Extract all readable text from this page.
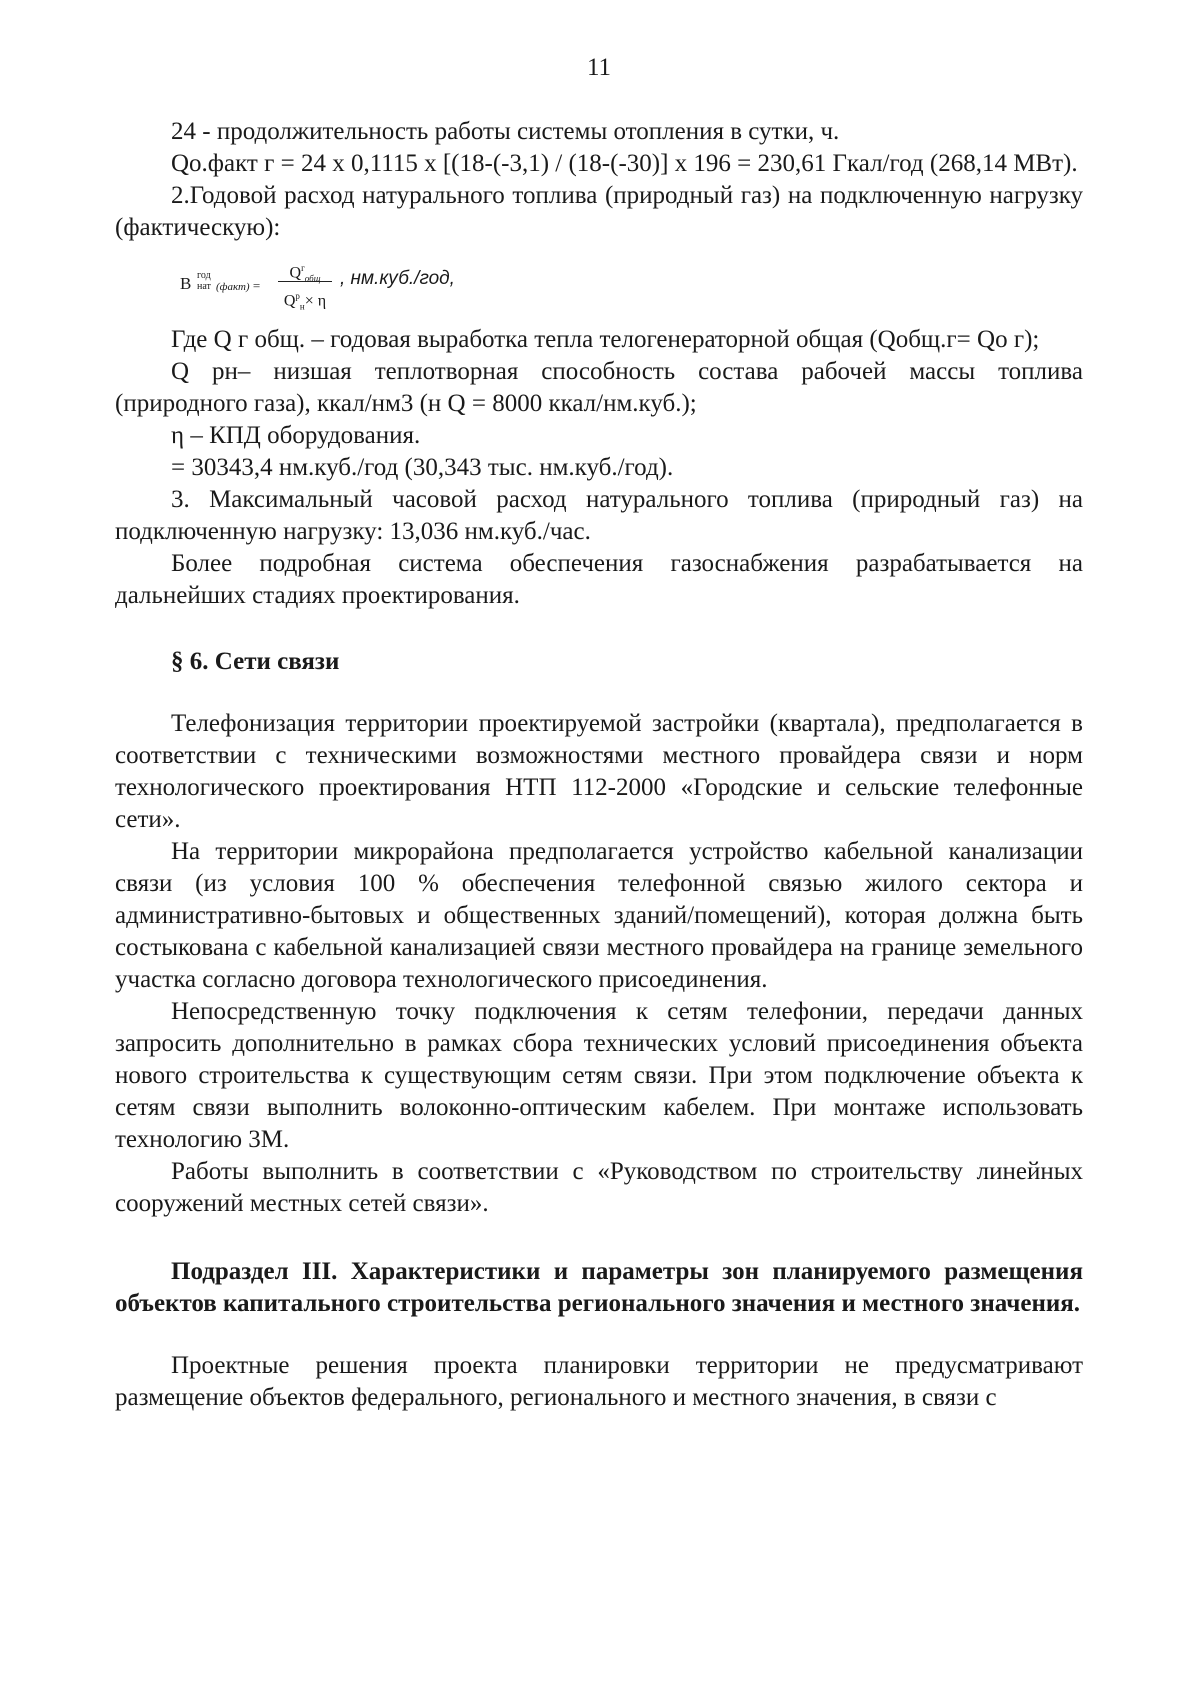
11

24 - продолжительность работы системы отопления в сутки, ч.

Qo.факт г = 24 х 0,1115 х [(18-(-3,1) / (18-(-30)] х 196 = 230,61 Гкал/год (268,14 МВт).

2.Годовой расход натурального топлива (природный газ) на подключенную нагрузку (фактическую):

B год
нат (факт) =
$Q^г_{общ}$
$Q^р_н\times \eta$
, нм.куб./год,

Где Q г общ. – годовая выработка тепла телогенераторной общая (Qобщ.г= Qо г);

Q рн– низшая теплотворная способность состава рабочей массы топлива (природного газа), ккал/нм3 (н Q = 8000 ккал/нм.куб.);

η – КПД оборудования.

= 30343,4 нм.куб./год (30,343 тыс. нм.куб./год).

3. Максимальный часовой расход натурального топлива (природный газ) на подключенную нагрузку: 13,036 нм.куб./час.

Более подробная система обеспечения газоснабжения разрабатывается на дальнейших стадиях проектирования.

§ 6. Сети связи

Телефонизация территории проектируемой застройки (квартала), предполагается в соответствии с техническими возможностями местного провайдера связи и норм технологического проектирования НТП 112-2000 «Городские и сельские телефонные сети».

На территории микрорайона предполагается устройство кабельной канализации связи (из условия 100 % обеспечения телефонной связью жилого сектора и административно-бытовых и общественных зданий/помещений), которая должна быть состыкована с кабельной канализацией связи местного провайдера на границе земельного участка согласно договора технологического присоединения.

Непосредственную точку подключения к сетям телефонии, передачи данных запросить дополнительно в рамках сбора технических условий присоединения объекта нового строительства к существующим сетям связи. При этом подключение объекта к сетям связи выполнить волоконно-оптическим кабелем. При монтаже использовать технологию 3М.

Работы выполнить в соответствии с «Руководством по строительству линейных сооружений местных сетей связи».

Подраздел III. Характеристики и параметры зон планируемого размещения объектов капитального строительства регионального значения и местного значения.

Проектные решения проекта планировки территории не предусматривают размещение объектов федерального, регионального и местного значения, в связи с
